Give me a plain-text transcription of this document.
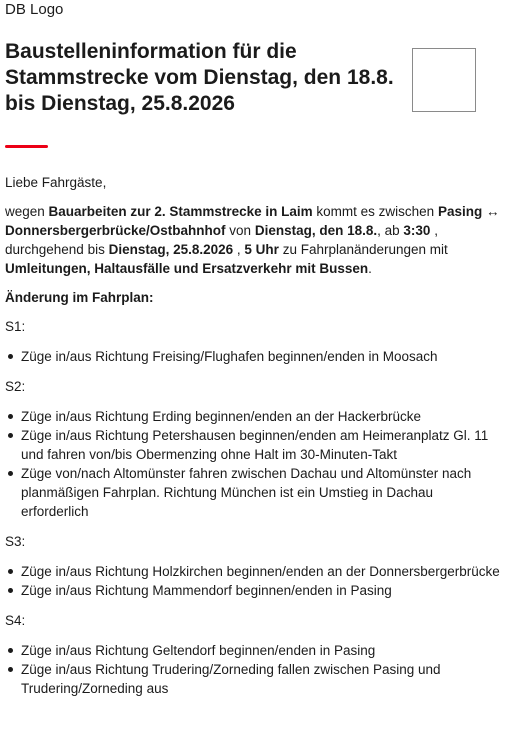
DB Logo
Baustelleninformation für die Stammstrecke vom Dienstag, den 18.8. bis Dienstag, 25.8.2026

Liebe Fahrgäste,

wegen Bauarbeiten zur 2. Stammstrecke in Laim kommt es zwischen Pasing ↔ Donnersbergerbrücke/Ostbahnhof von Dienstag, den 18.8., ab 3:30 , durchgehend bis Dienstag, 25.8.2026 , 5 Uhr zu Fahrplanänderungen mit Umleitungen, Haltausfälle und Ersatzverkehr mit Bussen.

Änderung im Fahrplan:

S1:

Züge in/aus Richtung Freising/Flughafen beginnen/enden in Moosach

S2:

Züge in/aus Richtung Erding beginnen/enden an der Hackerbrücke
Züge in/aus Richtung Petershausen beginnen/enden am Heimeranplatz Gl. 11 und fahren von/bis Obermenzing ohne Halt im 30-Minuten-Takt
Züge von/nach Altomünster fahren zwischen Dachau und Altomünster nach planmäßigen Fahrplan. Richtung München ist ein Umstieg in Dachau erforderlich

S3:

Züge in/aus Richtung Holzkirchen beginnen/enden an der Donnersbergerbrücke
Züge in/aus Richtung Mammendorf beginnen/enden in Pasing

S4:

Züge in/aus Richtung Geltendorf beginnen/enden in Pasing
Züge in/aus Richtung Trudering/Zorneding fallen zwischen Pasing und Trudering/Zorneding aus
